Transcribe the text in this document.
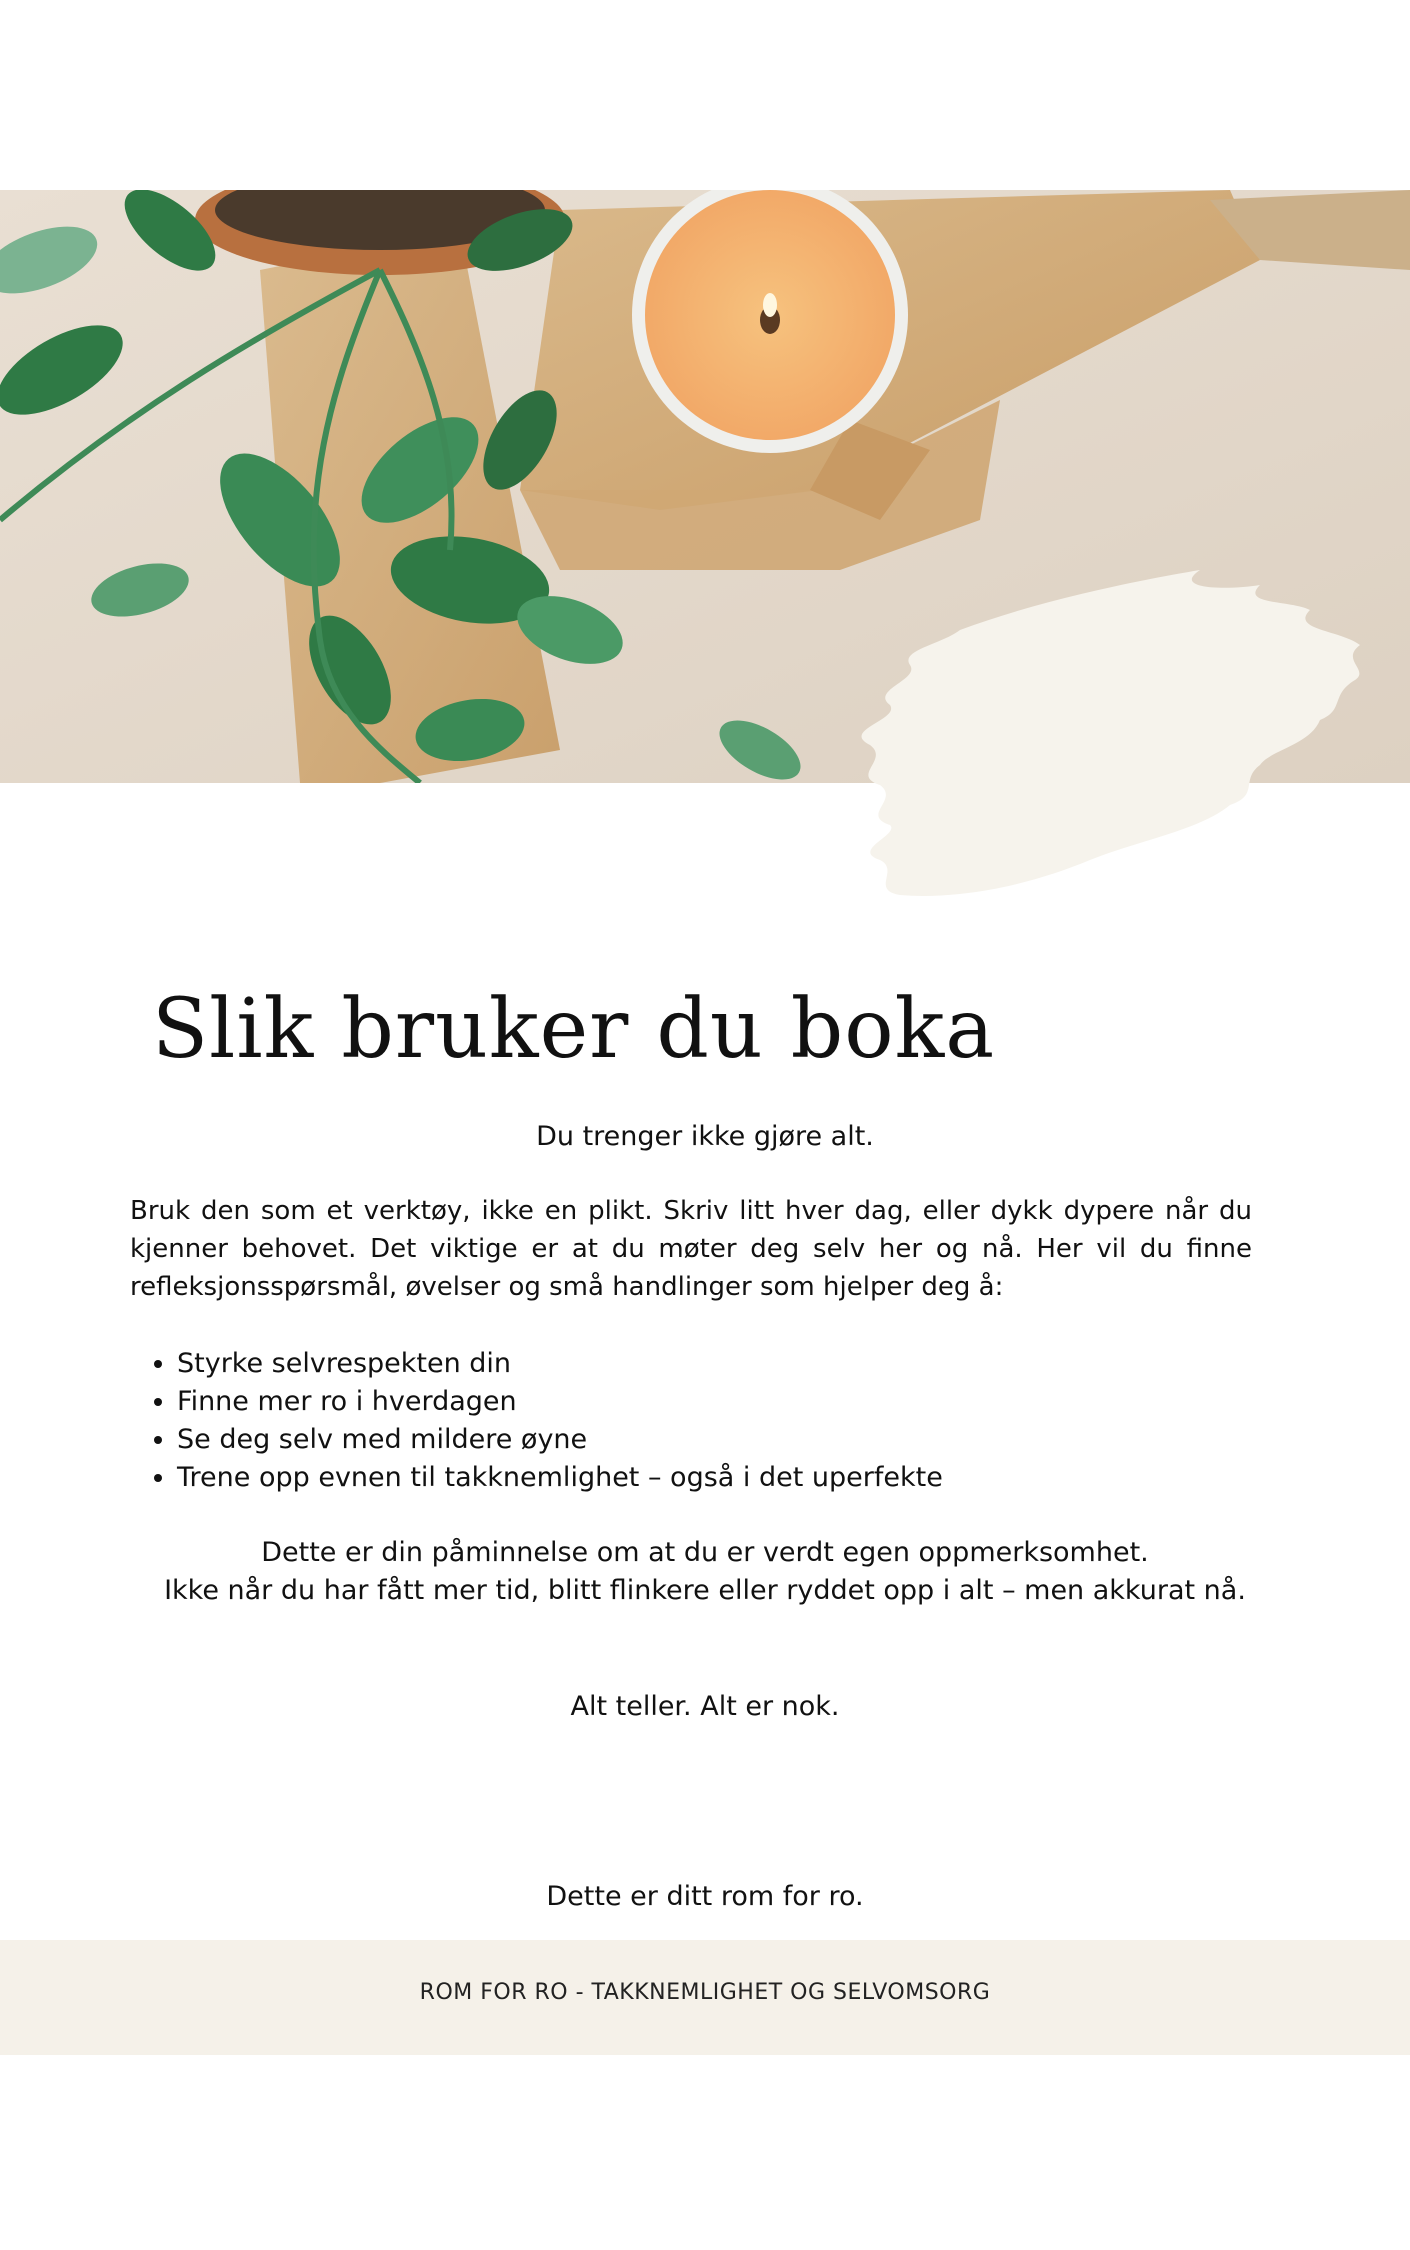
Slik bruker du boka

Du trenger ikke gjøre alt.

Bruk den som et verktøy, ikke en plikt. Skriv litt hver dag, eller dykk dypere når du kjenner behovet. Det viktige er at du møter deg selv her og nå. Her vil du finne refleksjonsspørsmål, øvelser og små handlinger som hjelper deg å:

• Styrke selvrespekten din
• Finne mer ro i hverdagen
• Se deg selv med mildere øyne
• Trene opp evnen til takknemlighet – også i det uperfekte

Dette er din påminnelse om at du er verdt egen oppmerksomhet.

Ikke når du har fått mer tid, blitt flinkere eller ryddet opp i alt – men akkurat nå.

Alt teller. Alt er nok.

Dette er ditt rom for ro.

ROM FOR RO - TAKKNEMLIGHET OG SELVOMSORG
